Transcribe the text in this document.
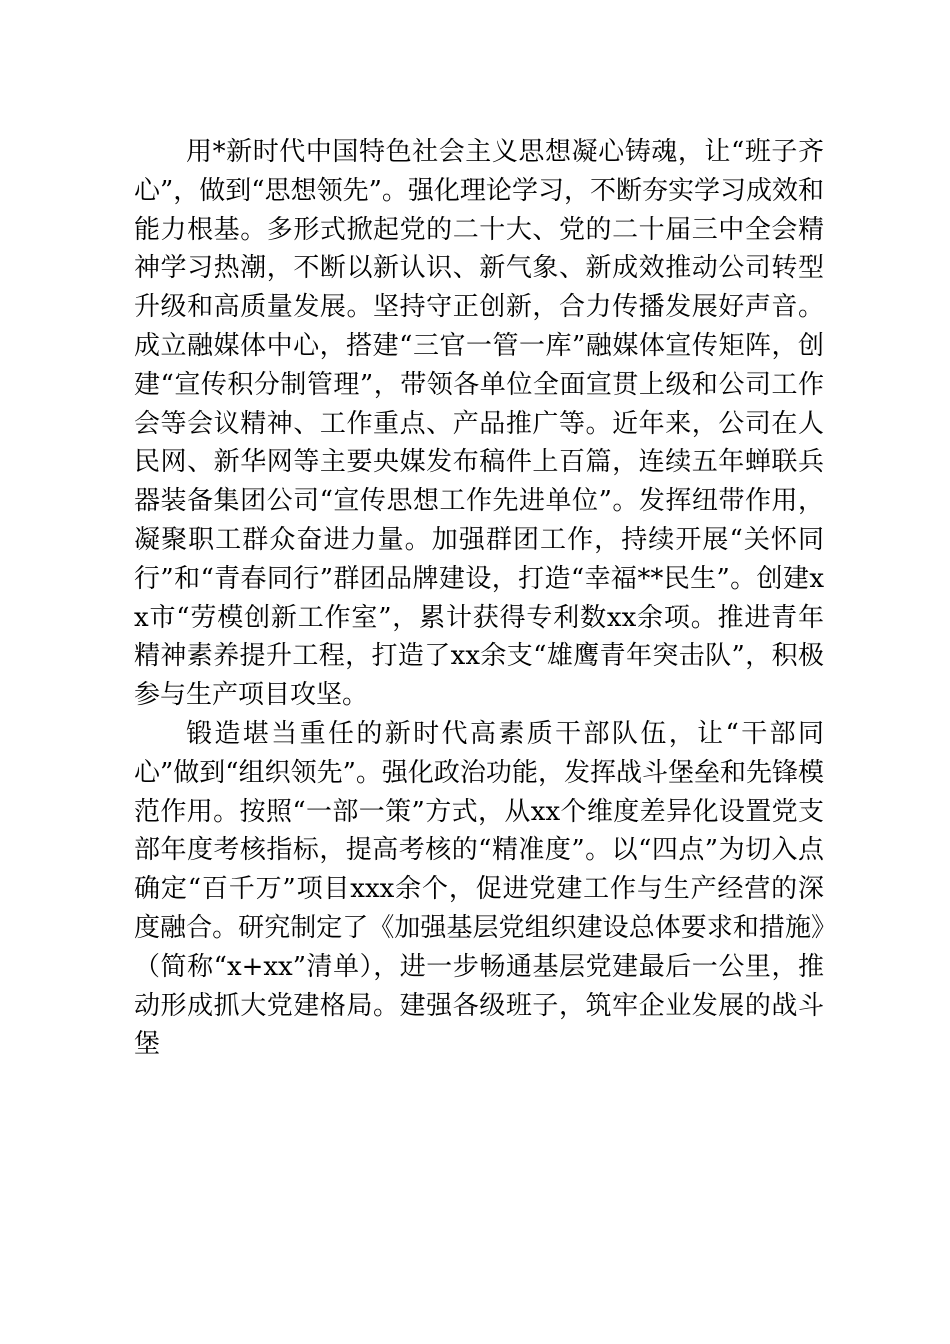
用*新时代中国特色社会主义思想凝心铸魂，让“班子齐心”，做到“思想领先”。强化理论学习，不断夯实学习成效和能力根基。多形式掀起党的二十大、党的二十届三中全会精神学习热潮，不断以新认识、新气象、新成效推动公司转型升级和高质量发展。坚持守正创新，合力传播发展好声音。成立融媒体中心，搭建“三官一管一库”融媒体宣传矩阵，创建“宣传积分制管理”，带领各单位全面宣贯上级和公司工作会等会议精神、工作重点、产品推广等。近年来，公司在人民网、新华网等主要央媒发布稿件上百篇，连续五年蝉联兵器装备集团公司“宣传思想工作先进单位”。发挥纽带作用，凝聚职工群众奋进力量。加强群团工作，持续开展“关怀同行”和“青春同行”群团品牌建设，打造“幸福**民生”。创建xx市“劳模创新工作室”，累计获得专利数xx余项。推进青年精神素养提升工程，打造了xx余支“雄鹰青年突击队”，积极参与生产项目攻坚。

锻造堪当重任的新时代高素质干部队伍，让“干部同心”做到“组织领先”。强化政治功能，发挥战斗堡垒和先锋模范作用。按照“一部一策”方式，从xx个维度差异化设置党支部年度考核指标，提高考核的“精准度”。以“四点”为切入点确定“百千万”项目xxx余个，促进党建工作与生产经营的深度融合。研究制定了《加强基层党组织建设总体要求和措施》（简称“x+xx”清单），进一步畅通基层党建最后一公里，推动形成抓大党建格局。建强各级班子，筑牢企业发展的战斗堡
